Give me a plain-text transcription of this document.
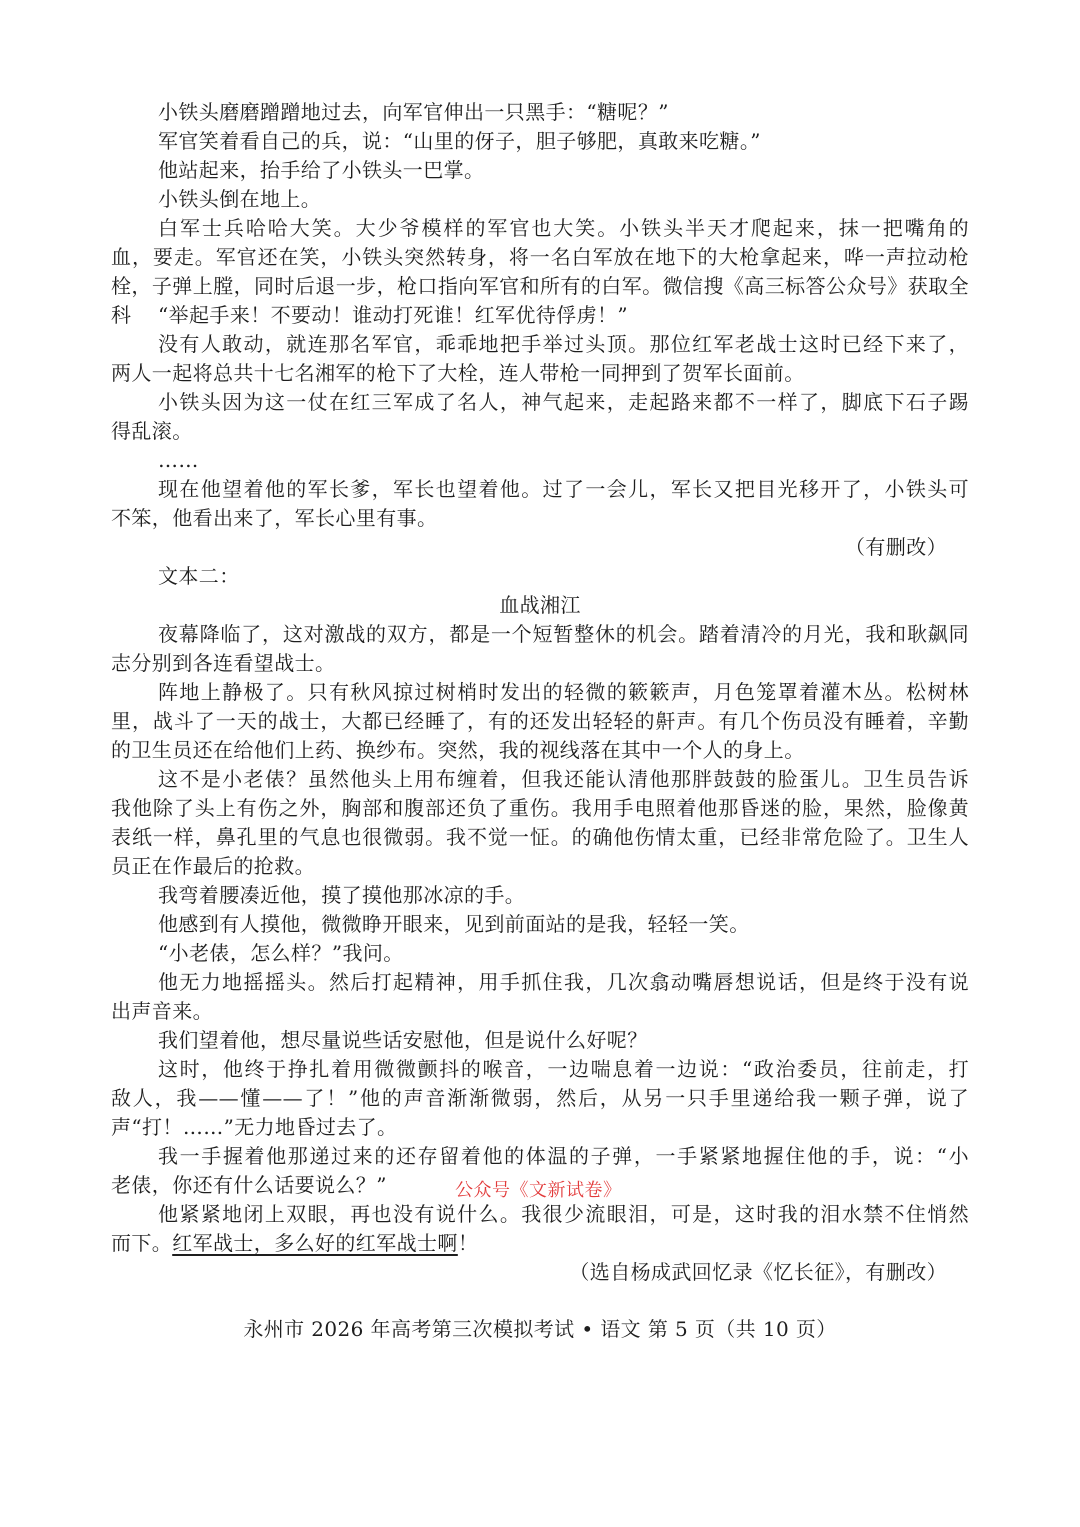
小铁头磨磨蹭蹭地过去，向军官伸出一只黑手：“糖呢？”
军官笑着看自己的兵，说：“山里的伢子，胆子够肥，真敢来吃糖。”
他站起来，抬手给了小铁头一巴掌。
小铁头倒在地上。
白军士兵哈哈大笑。大少爷模样的军官也大笑。小铁头半天才爬起来，抹一把嘴角的
血，要走。军官还在笑，小铁头突然转身，将一名白军放在地下的大枪拿起来，哗一声拉动枪
栓，子弹上膛，同时后退一步，枪口指向军官和所有的白军。微信搜《高三标答公众号》获取全科	“举起手来！不要动！谁动打死谁！红军优待俘虏！”
没有人敢动，就连那名军官，乖乖地把手举过头顶。那位红军老战士这时已经下来了，
两人一起将总共十七名湘军的枪下了大栓，连人带枪一同押到了贺军长面前。
小铁头因为这一仗在红三军成了名人，神气起来，走起路来都不一样了，脚底下石子踢
得乱滚。
……
现在他望着他的军长爹，军长也望着他。过了一会儿，军长又把目光移开了，小铁头可
不笨，他看出来了，军长心里有事。
（有删改）
文本二：
血战湘江
夜幕降临了，这对激战的双方，都是一个短暂整休的机会。踏着清冷的月光，我和耿飙同
志分别到各连看望战士。
阵地上静极了。只有秋风掠过树梢时发出的轻微的簌簌声，月色笼罩着灌木丛。松树林
里，战斗了一天的战士，大都已经睡了，有的还发出轻轻的鼾声。有几个伤员没有睡着，辛勤
的卫生员还在给他们上药、换纱布。突然，我的视线落在其中一个人的身上。
这不是小老俵？虽然他头上用布缠着，但我还能认清他那胖鼓鼓的脸蛋儿。卫生员告诉
我他除了头上有伤之外，胸部和腹部还负了重伤。我用手电照着他那昏迷的脸，果然，脸像黄
表纸一样，鼻孔里的气息也很微弱。我不觉一怔。的确他伤情太重，已经非常危险了。卫生人
员正在作最后的抢救。
我弯着腰凑近他，摸了摸他那冰凉的手。
他感到有人摸他，微微睁开眼来，见到前面站的是我，轻轻一笑。
“小老俵，怎么样？”我问。
他无力地摇摇头。然后打起精神，用手抓住我，几次翕动嘴唇想说话，但是终于没有说
出声音来。
我们望着他，想尽量说些话安慰他，但是说什么好呢？
这时，他终于挣扎着用微微颤抖的喉音，一边喘息着一边说：“政治委员，往前走，打
敌人，我——懂——了！”他的声音渐渐微弱，然后，从另一只手里递给我一颗子弹，说了
声“打！……”无力地昏过去了。
我一手握着他那递过来的还存留着他的体温的子弹，一手紧紧地握住他的手，说：“小
老俵，你还有什么话要说么？”
他紧紧地闭上双眼，再也没有说什么。我很少流眼泪，可是，这时我的泪水禁不住悄然
而下。红军战士，多么好的红军战士啊！
（选自杨成武回忆录《忆长征》，有删改）
公众号《文新试卷》
永州市 2026 年高考第三次模拟考试 • 语文 第 5 页（共 10 页）
